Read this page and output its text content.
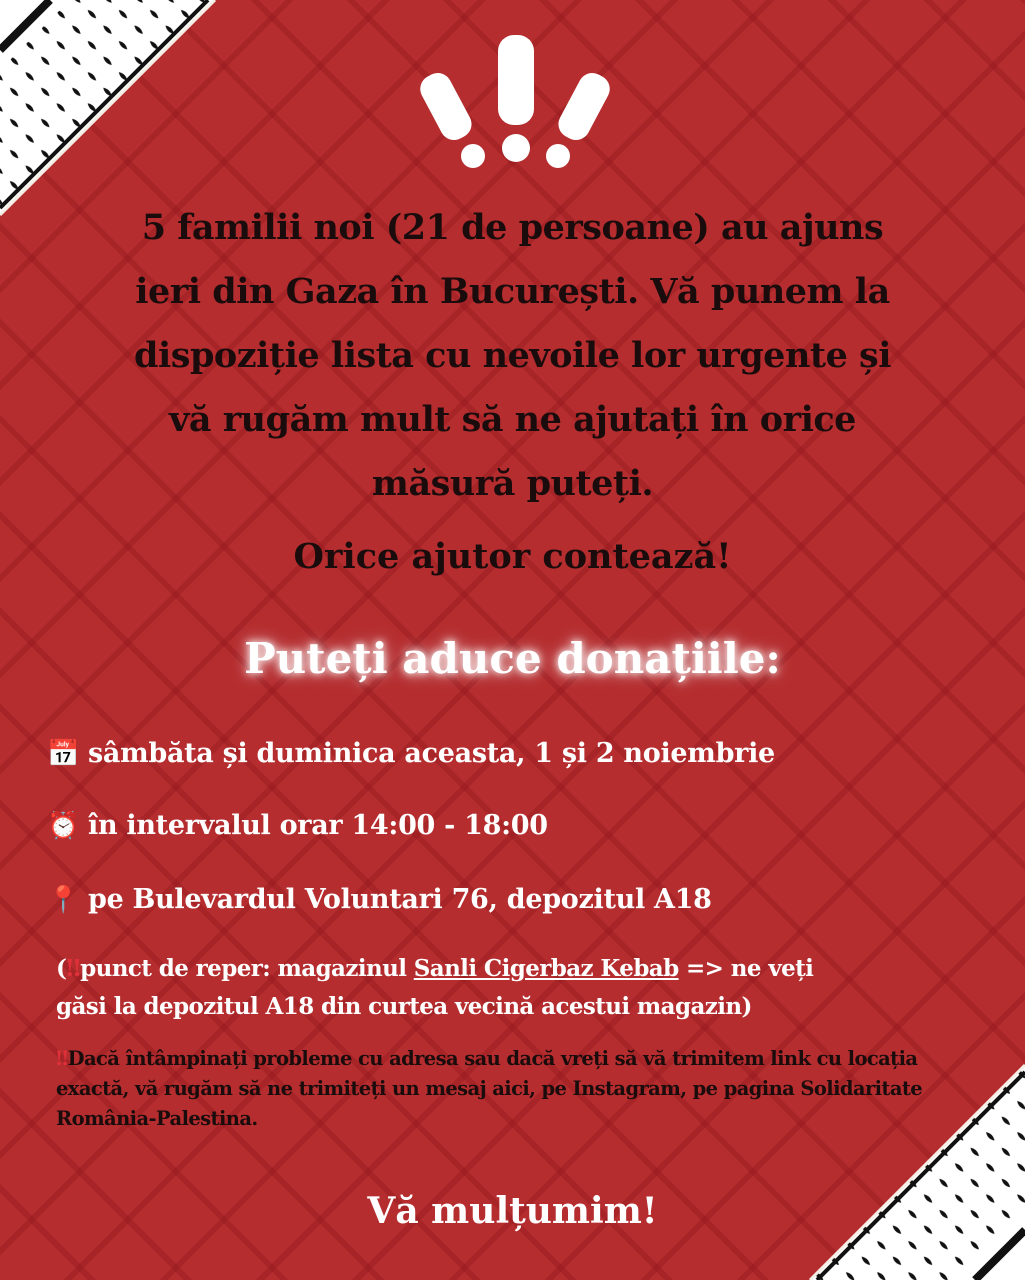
5 familii noi (21 de persoane) au ajuns
ieri din Gaza în București. Vă punem la
dispoziție lista cu nevoile lor urgente și
vă rugăm mult să ne ajutați în orice
măsură puteți.
Orice ajutor contează!
Puteți aduce donațiile:
📅 sâmbăta și duminica aceasta, 1 și 2 noiembrie
⏰ în intervalul orar 14:00 - 18:00
📍 pe Bulevardul Voluntari 76, depozitul A18
(‼punct de reper: magazinul Sanli Cigerbaz Kebab => ne veți
găsi la depozitul A18 din curtea vecină acestui magazin)
‼Dacă întâmpinați probleme cu adresa sau dacă vreți să vă trimitem link cu locația exactă, vă rugăm să ne trimiteți un mesaj aici, pe Instagram, pe pagina Solidaritate România-Palestina.
Vă mulțumim!
